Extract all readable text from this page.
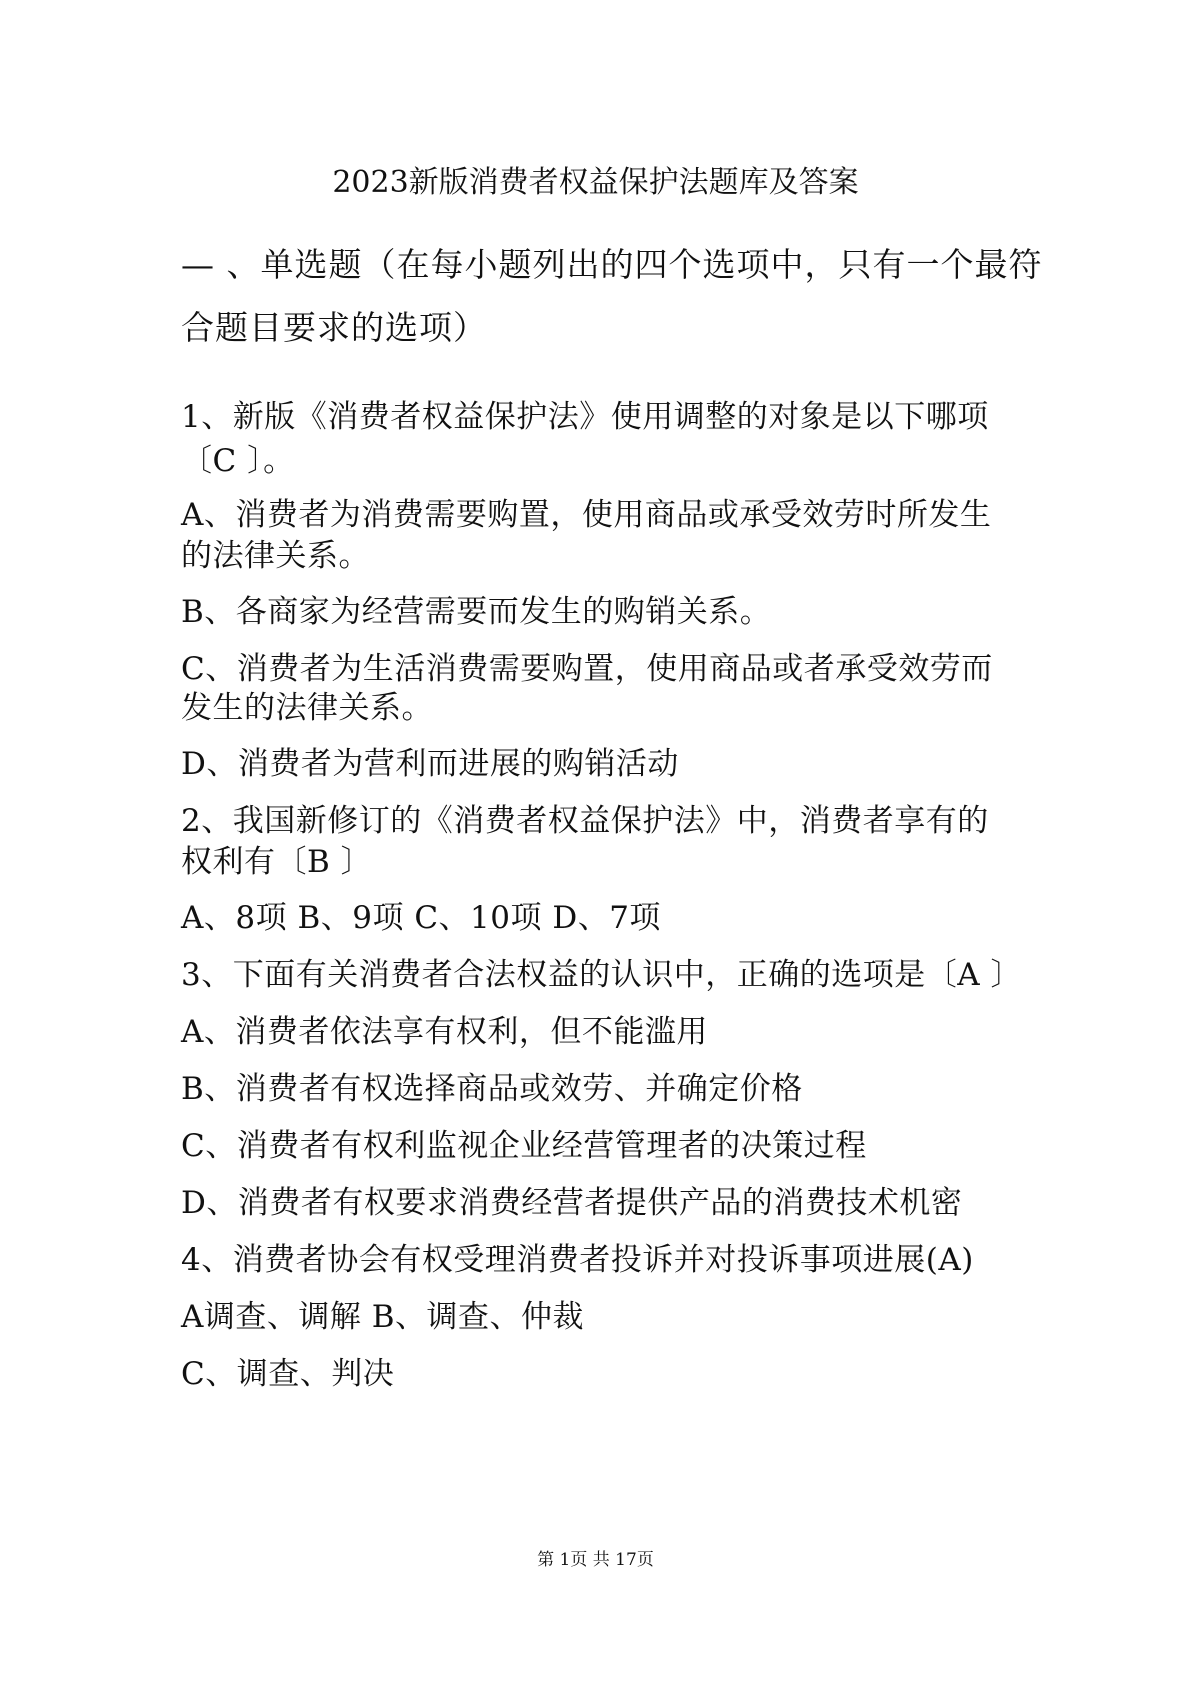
2023新版消费者权益保护法题库及答案
— 、单选题（在每小题列出的四个选项中，只有一个最符
合题目要求的选项）
1、新版《消费者权益保护法》使用调整的对象是以下哪项
〔C 〕。
A、消费者为消费需要购置，使用商品或承受效劳时所发生
的法律关系。
B、各商家为经营需要而发生的购销关系。
C、消费者为生活消费需要购置，使用商品或者承受效劳而
发生的法律关系。
D、消费者为营利而进展的购销活动
2、我国新修订的《消费者权益保护法》中，消费者享有的
权利有〔B 〕
A、8项 B、9项 C、10项 D、7项
3、下面有关消费者合法权益的认识中，正确的选项是〔A 〕
A、消费者依法享有权利，但不能滥用
B、消费者有权选择商品或效劳、并确定价格
C、消费者有权利监视企业经营管理者的决策过程
D、消费者有权要求消费经营者提供产品的消费技术机密
4、消费者协会有权受理消费者投诉并对投诉事项进展(A)
A调查、调解 B、调查、仲裁
C、调查、判决
第 1页 共 17页
